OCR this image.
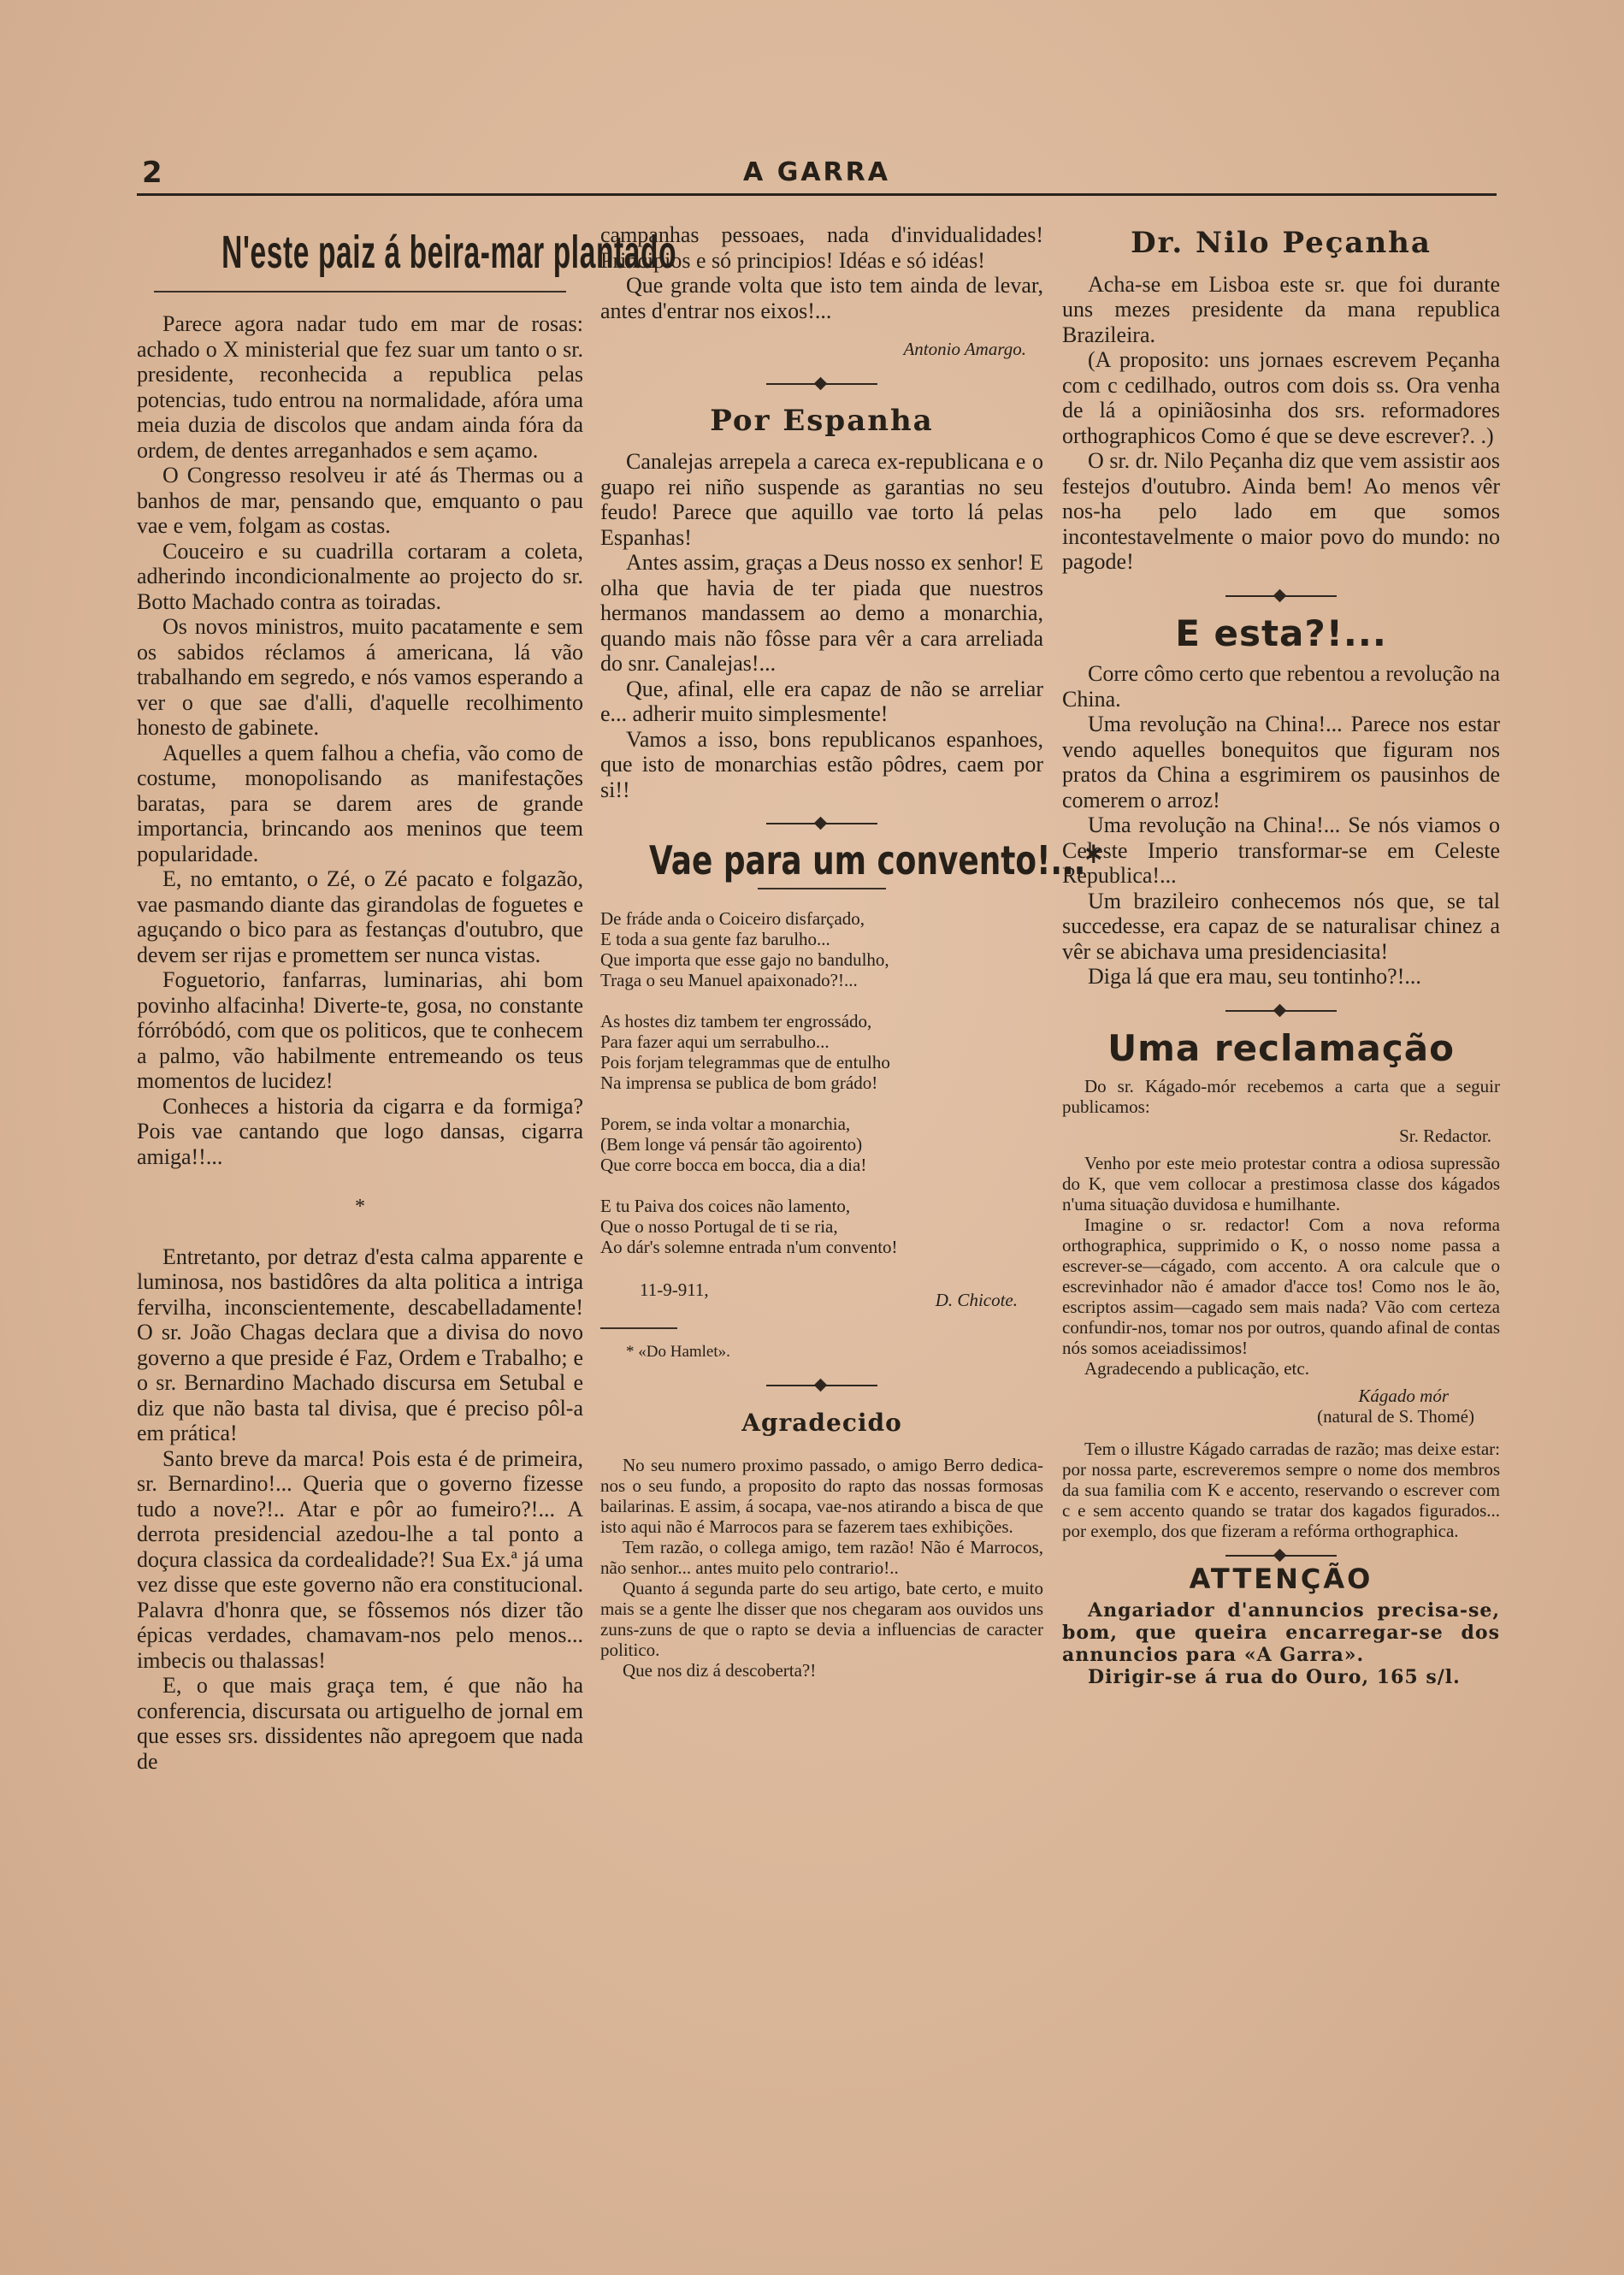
2	A GARRA
N'este paiz á beira-mar plantado

Parece agora nadar tudo em mar de rosas: achado o X ministerial que fez suar um tanto o sr. presidente, reconhecida a republica pelas potencias, tudo entrou na normalidade, afóra uma meia duzia de discolos que andam ainda fóra da ordem, de dentes arreganhados e sem açamo.

O Congresso resolveu ir até ás Thermas ou a banhos de mar, pensando que, emquanto o pau vae e vem, folgam as costas.

Couceiro e su cuadrilla cortaram a coleta, adherindo incondicionalmente ao projecto do sr. Botto Machado contra as toiradas.

Os novos ministros, muito pacatamente e sem os sabidos réclamos á americana, lá vão trabalhando em segredo, e nós vamos esperando a ver o que sae d'alli, d'aquelle recolhimento honesto de gabinete.

Aquelles a quem falhou a chefia, vão como de costume, monopolisando as manifestações baratas, para se darem ares de grande importancia, brincando aos meninos que teem popularidade.

E, no emtanto, o Zé, o Zé pacato e folgazão, vae pasmando diante das girandolas de foguetes e aguçando o bico para as festanças d'outubro, que devem ser rijas e promettem ser nunca vistas.

Foguetorio, fanfarras, luminarias, ahi bom povinho alfacinha! Diverte-te, gosa, no constante fórróbódó, com que os politicos, que te conhecem a palmo, vão habilmente entremeando os teus momentos de lucidez!

Conheces a historia da cigarra e da formiga? Pois vae cantando que logo dansas, cigarra amiga!!...

*

Entretanto, por detraz d'esta calma apparente e luminosa, nos bastidôres da alta politica a intriga fervilha, inconscientemente, descabelladamente! O sr. João Chagas declara que a divisa do novo governo a que preside é Faz, Ordem e Trabalho; e o sr. Bernardino Machado discursa em Setubal e diz que não basta tal divisa, que é preciso pôl-a em prática!

Santo breve da marca! Pois esta é de primeira, sr. Bernardino!... Queria que o governo fizesse tudo a nove?!.. Atar e pôr ao fumeiro?!... A derrota presidencial azedou-lhe a tal ponto a doçura classica da cordealidade?! Sua Ex.ª já uma vez disse que este governo não era constitucional. Palavra d'honra que, se fôssemos nós dizer tão épicas verdades, chamavam-nos pelo menos... imbecis ou thalassas!

E, o que mais graça tem, é que não ha conferencia, discursata ou artiguelho de jornal em que esses srs. dissidentes não apregoem que nada de

campanhas pessoaes, nada d'invidualidades! Principios e só principios! Idéas e só idéas!

Que grande volta que isto tem ainda de levar, antes d'entrar nos eixos!...

Antonio Amargo.

Por Espanha

Canalejas arrepela a careca ex-republicana e o guapo rei niño suspende as garantias no seu feudo! Parece que aquillo vae torto lá pelas Espanhas!

Antes assim, graças a Deus nosso ex senhor! E olha que havia de ter piada que nuestros hermanos mandassem ao demo a monarchia, quando mais não fôsse para vêr a cara arreliada do snr. Canalejas!...

Que, afinal, elle era capaz de não se arreliar e... adherir muito simplesmente!

Vamos a isso, bons republicanos espanhoes, que isto de monarchias estão pôdres, caem por si!!

Vae para um convento!...*
De fráde anda o Coiceiro disfarçado,
E toda a sua gente faz barulho...
Que importa que esse gajo no bandulho,
Traga o seu Manuel apaixonado?!...
As hostes diz tambem ter engrossádo,
Para fazer aqui um serrabulho...
Pois forjam telegrammas que de entulho
Na imprensa se publica de bom grádo!
Porem, se inda voltar a monarchia,
(Bem longe vá pensár tão agoirento)
Que corre bocca em bocca, dia a dia!
E tu Paiva dos coices não lamento,
Que o nosso Portugal de ti se ria,
Ao dár's solemne entrada n'um convento!
11-9-911,	D. Chicote.
* «Do Hamlet».
Agradecido

No seu numero proximo passado, o amigo Berro dedica-nos o seu fundo, a proposito do rapto das nossas formosas bailarinas. E assim, á socapa, vae-nos atirando a bisca de que isto aqui não é Marrocos para se fazerem taes exhibições.

Tem razão, o collega amigo, tem razão! Não é Marrocos, não senhor... antes muito pelo contrario!..

Quanto á segunda parte do seu artigo, bate certo, e muito mais se a gente lhe disser que nos chegaram aos ouvidos uns zuns-zuns de que o rapto se devia a influencias de caracter politico.

Que nos diz á descoberta?!

Dr. Nilo Peçanha

Acha-se em Lisboa este sr. que foi durante uns mezes presidente da mana republica Brazileira.

(A proposito: uns jornaes escrevem Peçanha com c cedilhado, outros com dois ss. Ora venha de lá a opiniãosinha dos srs. reformadores orthographicos Como é que se deve escrever?. .)

O sr. dr. Nilo Peçanha diz que vem assistir aos festejos d'outubro. Ainda bem! Ao menos vêr nos-ha pelo lado em que somos incontestavelmente o maior povo do mundo: no pagode!

E esta?!...

Corre cômo certo que rebentou a revolução na China.

Uma revolução na China!... Parece nos estar vendo aquelles bonequitos que figuram nos pratos da China a esgrimirem os pausinhos de comerem o arroz!

Uma revolução na China!... Se nós viamos o Celeste Imperio transformar-se em Celeste Republica!...

Um brazileiro conhecemos nós que, se tal succedesse, era capaz de se naturalisar chinez a vêr se abichava uma presidenciasita!

Diga lá que era mau, seu tontinho?!...

Uma reclamação

Do sr. Kágado-mór recebemos a carta que a seguir publicamos:

Sr. Redactor.

Venho por este meio protestar contra a odiosa supressão do K, que vem collocar a prestimosa classe dos kágados n'uma situação duvidosa e humilhante.

Imagine o sr. redactor! Com a nova reforma orthographica, supprimido o K, o nosso nome passa a escrever-se—cágado, com accento. A ora calcule que o escrevinhador não é amador d'acce tos! Como nos le ão, escriptos assim—cagado sem mais nada? Vão com certeza confundir-nos, tomar nos por outros, quando afinal de contas nós somos aceiadissimos!

Agradecendo a publicação, etc.

Kágado mór

(natural de S. Thomé)

Tem o illustre Kágado carradas de razão; mas deixe estar: por nossa parte, escreveremos sempre o nome dos membros da sua familia com K e accento, reservando o escrever com c e sem accento quando se tratar dos kagados figurados... por exemplo, dos que fizeram a refórma orthographica.

ATTENÇÃO

Angariador d'annuncios precisa-se, bom, que queira encarregar-se dos annuncios para «A Garra».

Dirigir-se á rua do Ouro, 165 s/l.
